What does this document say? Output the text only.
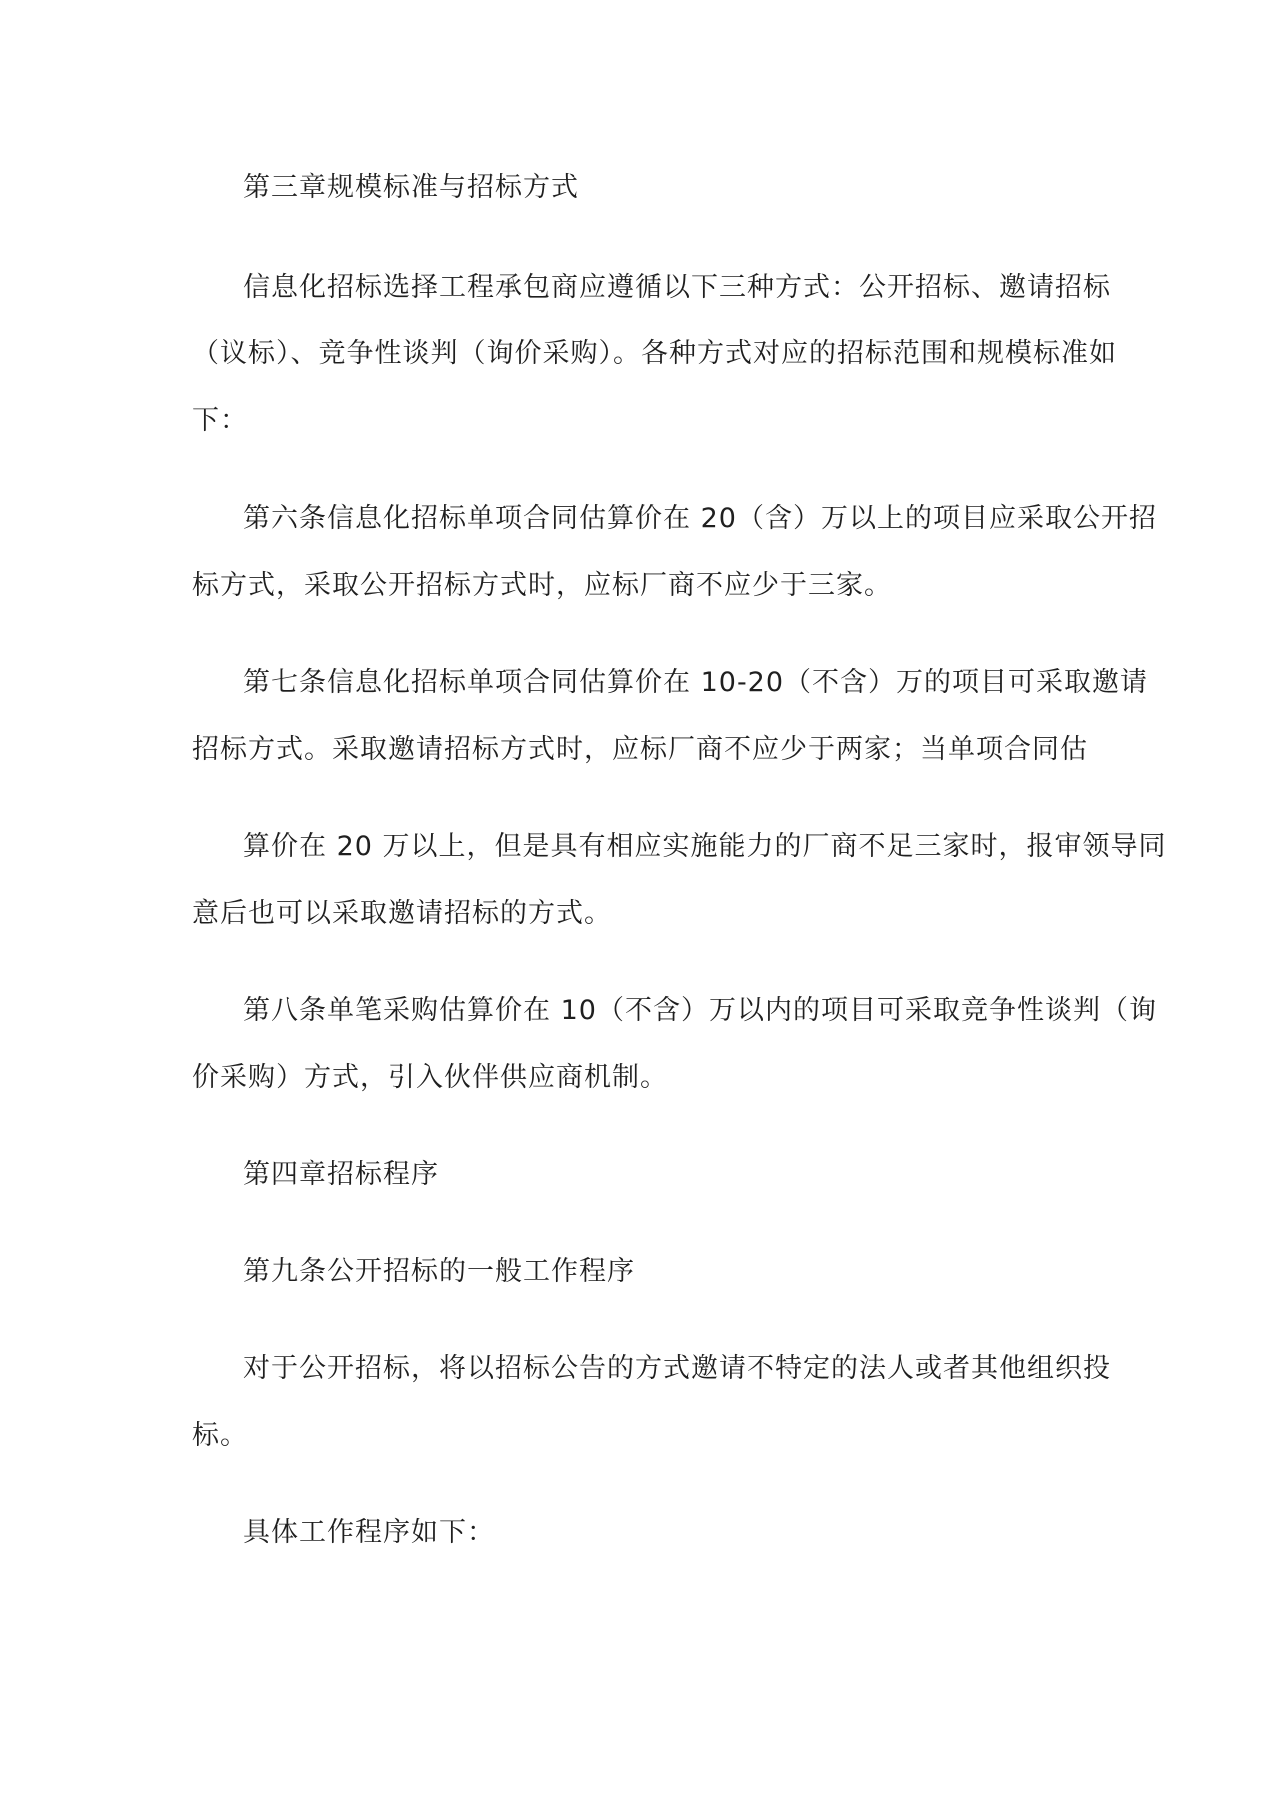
第三章规模标准与招标方式
信息化招标选择工程承包商应遵循以下三种方式：公开招标、邀请招标
（议标）、竞争性谈判（询价采购）。各种方式对应的招标范围和规模标准如
下：
第六条信息化招标单项合同估算价在 20（含）万以上的项目应采取公开招
标方式，采取公开招标方式时，应标厂商不应少于三家。
第七条信息化招标单项合同估算价在 10-20（不含）万的项目可采取邀请
招标方式。采取邀请招标方式时，应标厂商不应少于两家；当单项合同估
算价在 20 万以上，但是具有相应实施能力的厂商不足三家时，报审领导同
意后也可以采取邀请招标的方式。
第八条单笔采购估算价在 10（不含）万以内的项目可采取竞争性谈判（询
价采购）方式，引入伙伴供应商机制。
第四章招标程序
第九条公开招标的一般工作程序
对于公开招标，将以招标公告的方式邀请不特定的法人或者其他组织投
标。
具体工作程序如下：
